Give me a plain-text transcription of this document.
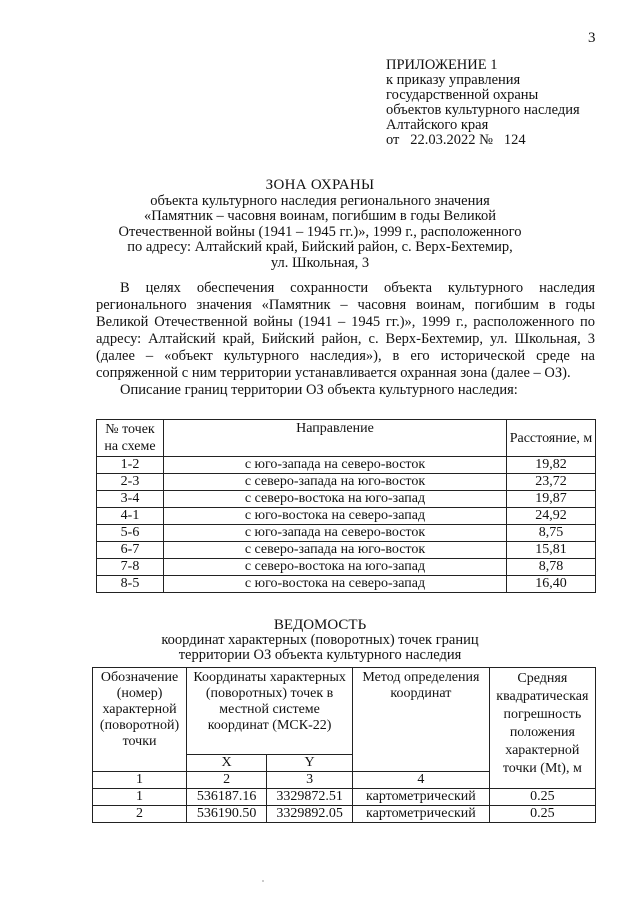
3
ПРИЛОЖЕНИЕ 1
к приказу управления
государственной охраны
объектов культурного наследия
Алтайского края
от   22.03.2022 №   124
ЗОНА ОХРАНЫ
объекта культурного наследия регионального значения
«Памятник – часовня воинам, погибшим в годы Великой
Отечественной войны (1941 – 1945 гг.)», 1999 г., расположенного
по адресу: Алтайский край, Бийский район, с. Верх-Бехтемир,
ул. Школьная, 3

В целях обеспечения сохранности объекта культурного наследия регионального значения «Памятник – часовня воинам, погибшим в годы Великой Отечественной войны (1941 – 1945 гг.)», 1999 г., расположенного по адресу: Алтайский край, Бийский район, с. Верх-Бехтемир, ул. Школьная, 3 (далее – «объект культурного наследия»), в его исторической среде на сопряженной с ним территории устанавливается охранная зона (далее – ОЗ).

Описание границ территории ОЗ объекта культурного наследия:

№ точек на схеме	Направление	Расстояние, м
1-2	с юго-запада на северо-восток	19,82
2-3	с северо-запада на юго-восток	23,72
3-4	с северо-востока на юго-запад	19,87
4-1	с юго-востока на северо-запад	24,92
5-6	с юго-запада на северо-восток	8,75
6-7	с северо-запада на юго-восток	15,81
7-8	с северо-востока на юго-запад	8,78
8-5	с юго-востока на северо-запад	16,40
ВЕДОМОСТЬ
координат характерных (поворотных) точек границ
территории ОЗ объекта культурного наследия
Обозначение (номер) характерной (поворотной) точки	Координаты характерных (поворотных) точек в местной системе координат (МСК-22)		Метод определения координат	Средняя квадратическая погрешность положения характерной точки (Mt), м
	X	Y		
1	2	3	4	
1	536187.16	3329872.51	картометрический	0.25
2	536190.50	3329892.05	картометрический	0.25
